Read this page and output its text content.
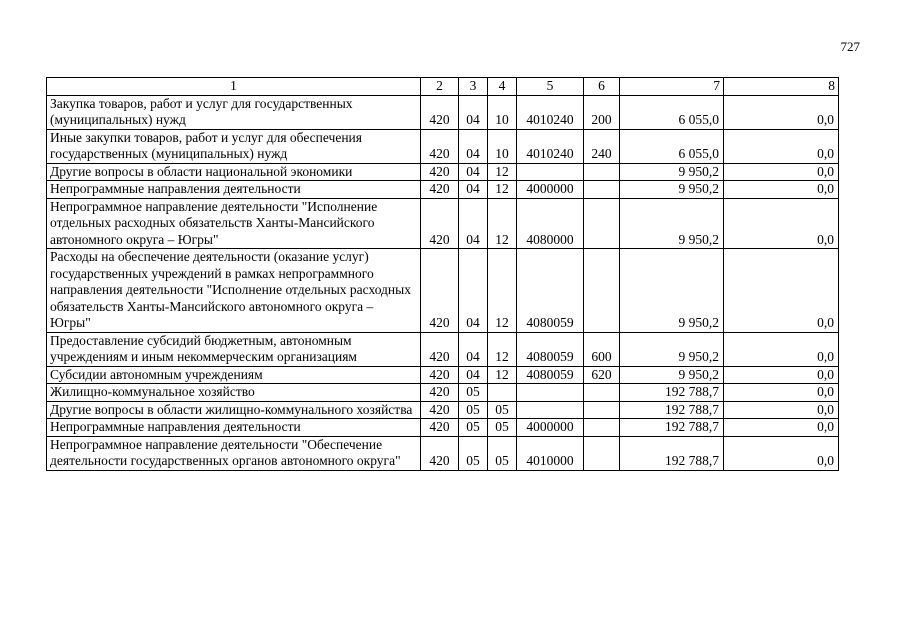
727
1	2	3	4	5	6	7	8
Закупка товаров, работ и услуг для государственных (муниципальных) нужд	420	04	10	4010240	200	6 055,0	0,0
Иные закупки товаров, работ и услуг для обеспечения государственных (муниципальных) нужд	420	04	10	4010240	240	6 055,0	0,0
Другие вопросы в области национальной экономики	420	04	12			9 950,2	0,0
Непрограммные направления деятельности	420	04	12	4000000		9 950,2	0,0
Непрограммное направление деятельности "Исполнение отдельных расходных обязательств Ханты-Мансийского автономного округа – Югры"	420	04	12	4080000		9 950,2	0,0
Расходы на обеспечение деятельности (оказание услуг) государственных учреждений в рамках непрограммного направления деятельности "Исполнение отдельных расходных обязательств Ханты-Мансийского автономного округа – Югры"	420	04	12	4080059		9 950,2	0,0
Предоставление субсидий бюджетным, автономным учреждениям и иным некоммерческим организациям	420	04	12	4080059	600	9 950,2	0,0
Субсидии автономным учреждениям	420	04	12	4080059	620	9 950,2	0,0
Жилищно-коммунальное хозяйство	420	05				192 788,7	0,0
Другие вопросы в области жилищно-коммунального хозяйства	420	05	05			192 788,7	0,0
Непрограммные направления деятельности	420	05	05	4000000		192 788,7	0,0
Непрограммное направление деятельности "Обеспечение деятельности государственных органов автономного округа"	420	05	05	4010000		192 788,7	0,0
